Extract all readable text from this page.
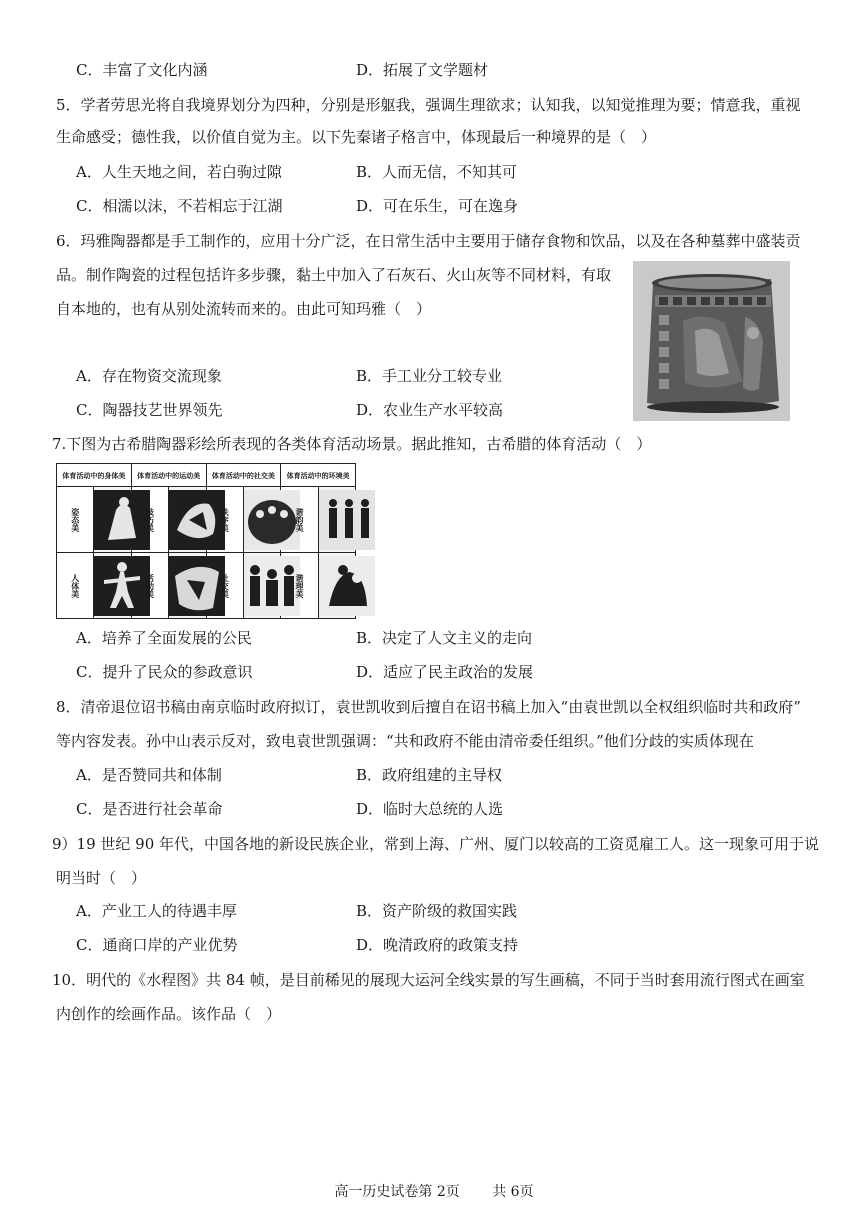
C．丰富了文化内涵	D．拓展了文学题材
5．学者劳思光将自我境界划分为四种，分别是形躯我，强调生理欲求；认知我，以知觉推理为要；情意我，重视
生命感受；德性我，以价值自觉为主。以下先秦诸子格言中，体现最后一种境界的是（　）
A．人生天地之间，若白驹过隙	B．人而无信，不知其可
C．相濡以沫，不若相忘于江湖	D．可在乐生，可在逸身
6．玛雅陶器都是手工制作的，应用十分广泛，在日常生活中主要用于储存食物和饮品，以及在各种墓葬中盛装贡
品。制作陶瓷的过程包括许多步骤，黏土中加入了石灰石、火山灰等不同材料，有取
自本地的，也有从别处流转而来的。由此可知玛雅（　）
A．存在物资交流现象	B．手工业分工较专业
C．陶器技艺世界领先	D．农业生产水平较高
7.下图为古希腊陶器彩绘所表现的各类体育活动场景。据此推知，古希腊的体育活动（　）
体育活动中的身体美		体育活动中的运动美		体育活动中的社交美		体育活动中的环境美	
姿态美		技巧美		秩序美		谐韵美	

人体美		活动美		社交美		谐理美	
A．培养了全面发展的公民	B．决定了人文主义的走向
C．提升了民众的参政意识	D．适应了民主政治的发展
8．清帝退位诏书稿由南京临时政府拟订，袁世凯收到后擅自在诏书稿上加入“由袁世凯以全权组织临时共和政府”
等内容发表。孙中山表示反对，致电袁世凯强调：“共和政府不能由清帝委任组织。”他们分歧的实质体现在
A．是否赞同共和体制	B．政府组建的主导权
C．是否进行社会革命	D．临时大总统的人选
9）19 世纪 90 年代，中国各地的新设民族企业，常到上海、广州、厦门以较高的工资觅雇工人。这一现象可用于说
明当时（　）
A．产业工人的待遇丰厚	B．资产阶级的救国实践
C．通商口岸的产业优势	D．晚清政府的政策支持
10．明代的《水程图》共 84 帧，是目前稀见的展现大运河全线实景的写生画稿，不同于当时套用流行图式在画室
内创作的绘画作品。该作品（　）
高一历史试卷第 2页 共 6页
